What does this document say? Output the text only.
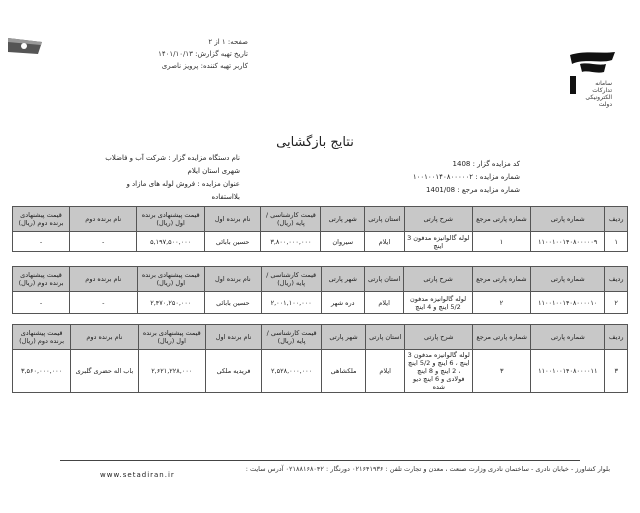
صفحه: ۱ از ۲
تاریخ تهیه گزارش: ۱۴۰۱/۱۰/۱۳
کاربر تهیه کننده: پرویز ناصری
سامانه
تدارکات
الکترونیکی
دولت
نتایج بازگشایی
کد مزایده گزار : 1408
شماره مزایده : ۱۰۰۱۰۰۱۴۰۸۰۰۰۰۰۲
شماره مزایده مرجع : 1401/08
نام دستگاه مزایده گزار : شرکت آب و فاضلاب شهری استان ایلام
عنوان مزایده : فروش لوله های مازاد و بلااستفاده
ردیف	شماره پارتی	شماره پارتی مرجع	شرح پارتی	استان پارتی	شهر پارتی	قیمت کارشناسی / پایه (ریال)	نام برنده اول	قیمت پیشنهادی برنده اول (ریال)	نام برنده دوم	قیمت پیشنهادی برنده دوم (ریال)
۱	۱۱۰۰۱۰۰۱۴۰۸۰۰۰۰۰۹	۱	لوله گالوانیزه مدفون 3 اینچ	ایلام	سیروان	۳,۸۰۰,۰۰۰,۰۰۰	حسین بابائی	۵,۱۹۷,۵۰۰,۰۰۰	-	-
ردیف	شماره پارتی	شماره پارتی مرجع	شرح پارتی	استان پارتی	شهر پارتی	قیمت کارشناسی / پایه (ریال)	نام برنده اول	قیمت پیشنهادی برنده اول (ریال)	نام برنده دوم	قیمت پیشنهادی برنده دوم (ریال)
۲	۱۱۰۰۱۰۰۱۴۰۸۰۰۰۰۱۰	۲	لوله گالوانیزه مدفون 5/2 اینچ و 4 اینچ	ایلام	دره شهر	۲,۰۰۱,۱۰۰,۰۰۰	حسین بابائی	۲,۴۷۰,۲۵۰,۰۰۰	-	-
ردیف	شماره پارتی	شماره پارتی مرجع	شرح پارتی	استان پارتی	شهر پارتی	قیمت کارشناسی / پایه (ریال)	نام برنده اول	قیمت پیشنهادی برنده اول (ریال)	نام برنده دوم	قیمت پیشنهادی برنده دوم (ریال)
۳	۱۱۰۰۱۰۰۱۴۰۸۰۰۰۰۱۱	۳	لوله گالوانیزه مدفون 3 اینچ ، 6 اینچ و 5/2 اینچ ، 2 اینچ و 8 اینچ فولادی و 6 اینچ دیو شده	ایلام	ملکشاهی	۲,۵۲۸,۰۰۰,۰۰۰	فریدیه ملکی	۲,۶۲۱,۲۲۸,۰۰۰	باب اله حضری گلبری	۳,۵۶۰,۰۰۰,۰۰۰
بلوار کشاورز - خیابان نادری - ساختمان نادری وزارت صنعت ، معدن و تجارت تلفن : ۰۲۱۶۴۱۹۳۶ دورنگار : ۰۲۱۸۸۱۶۸۰۴۲ آدرس سایت :
www.setadiran.ir
